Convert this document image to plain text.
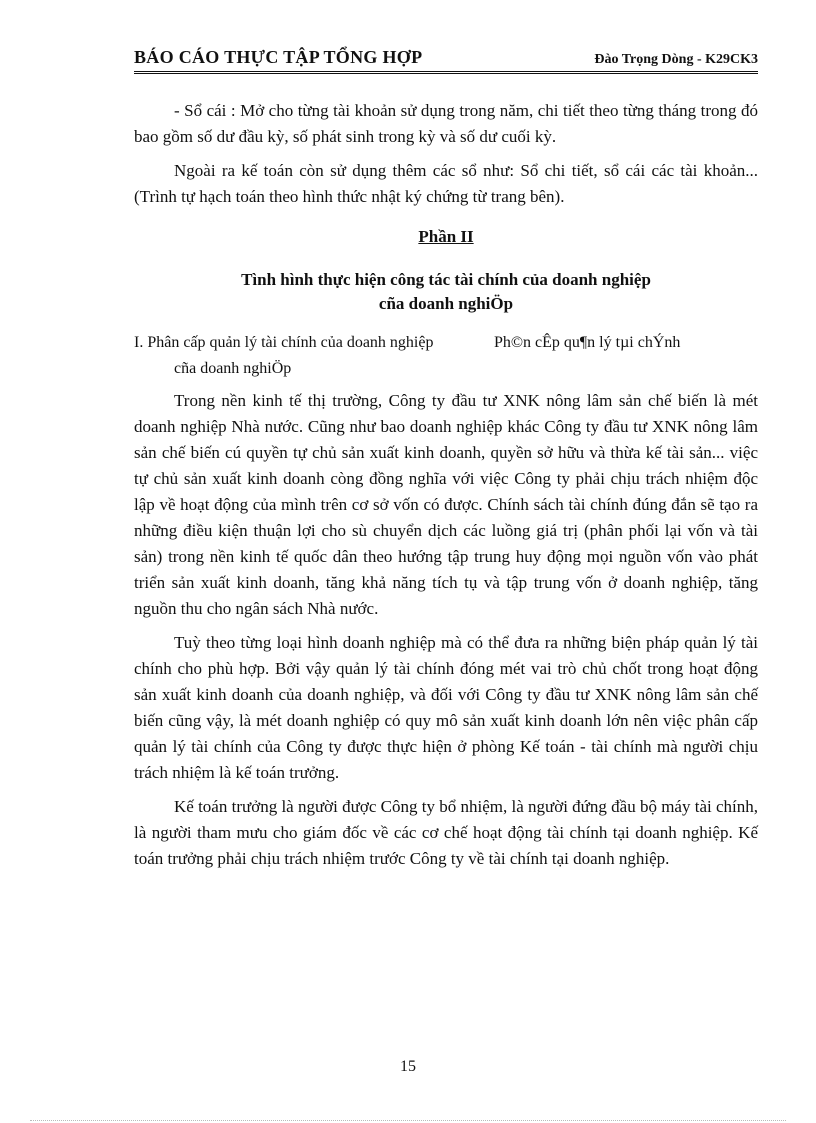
BÁO CÁO THỰC TẬP TỔNG HỢP	Đào Trọng Dòng - K29CK3

- Sổ cái : Mở cho từng tài khoản sử dụng trong năm, chi tiết theo từng tháng trong đó bao gồm số dư đầu kỳ, số phát sinh trong kỳ và số dư cuối kỳ.

Ngoài ra kế toán còn sử dụng thêm các sổ như: Sổ chi tiết, sổ cái các tài khoản... (Trình tự hạch toán theo hình thức nhật ký chứng từ trang bên).

Phần II
Tình hình thực hiện công tác tài chính của doanh nghiệp
cña doanh nghiÖp
I. Phân cấp quản lý tài chính của doanh nghiệp	Ph©n cÊp qu¶n lý tµi chÝnh
cña doanh nghiÖp

Trong nền kinh tế thị trường, Công ty đầu tư XNK nông lâm sản chế biến là mét doanh nghiệp Nhà nước. Cũng như bao doanh nghiệp khác Công ty đầu tư XNK nông lâm sản chế biến cú quyền tự chủ sản xuất kinh doanh, quyền sở hữu và thừa kế tài sản... việc tự chủ sản xuất kinh doanh còng đồng nghĩa với việc Công ty phải chịu trách nhiệm độc lập về hoạt động của mình trên cơ sở vốn có được. Chính sách tài chính đúng đắn sẽ tạo ra những điều kiện thuận lợi cho sù chuyển dịch các luồng giá trị (phân phối lại vốn và tài sản) trong nền kinh tế quốc dân theo hướng tập trung huy động mọi nguồn vốn vào phát triển sản xuất kinh doanh, tăng khả năng tích tụ và tập trung vốn ở doanh nghiệp, tăng nguồn thu cho ngân sách Nhà nước.

Tuỳ theo từng loại hình doanh nghiệp mà có thể đưa ra những biện pháp quản lý tài chính cho phù hợp. Bởi vậy quản lý tài chính đóng mét vai trò chủ chốt trong hoạt động sản xuất kinh doanh của doanh nghiệp, và đối với Công ty đầu tư XNK nông lâm sản chế biến cũng vậy, là mét doanh nghiệp có quy mô sản xuất kinh doanh lớn nên việc phân cấp quản lý tài chính của Công ty được thực hiện ở phòng Kế toán - tài chính mà người chịu trách nhiệm là kế toán trưởng.

Kế toán trưởng là người được Công ty bổ nhiệm, là người đứng đầu bộ máy tài chính, là người tham mưu cho giám đốc về các cơ chế hoạt động tài chính tại doanh nghiệp. Kế toán trưởng phải chịu trách nhiệm trước Công ty về tài chính tại doanh nghiệp.

15
